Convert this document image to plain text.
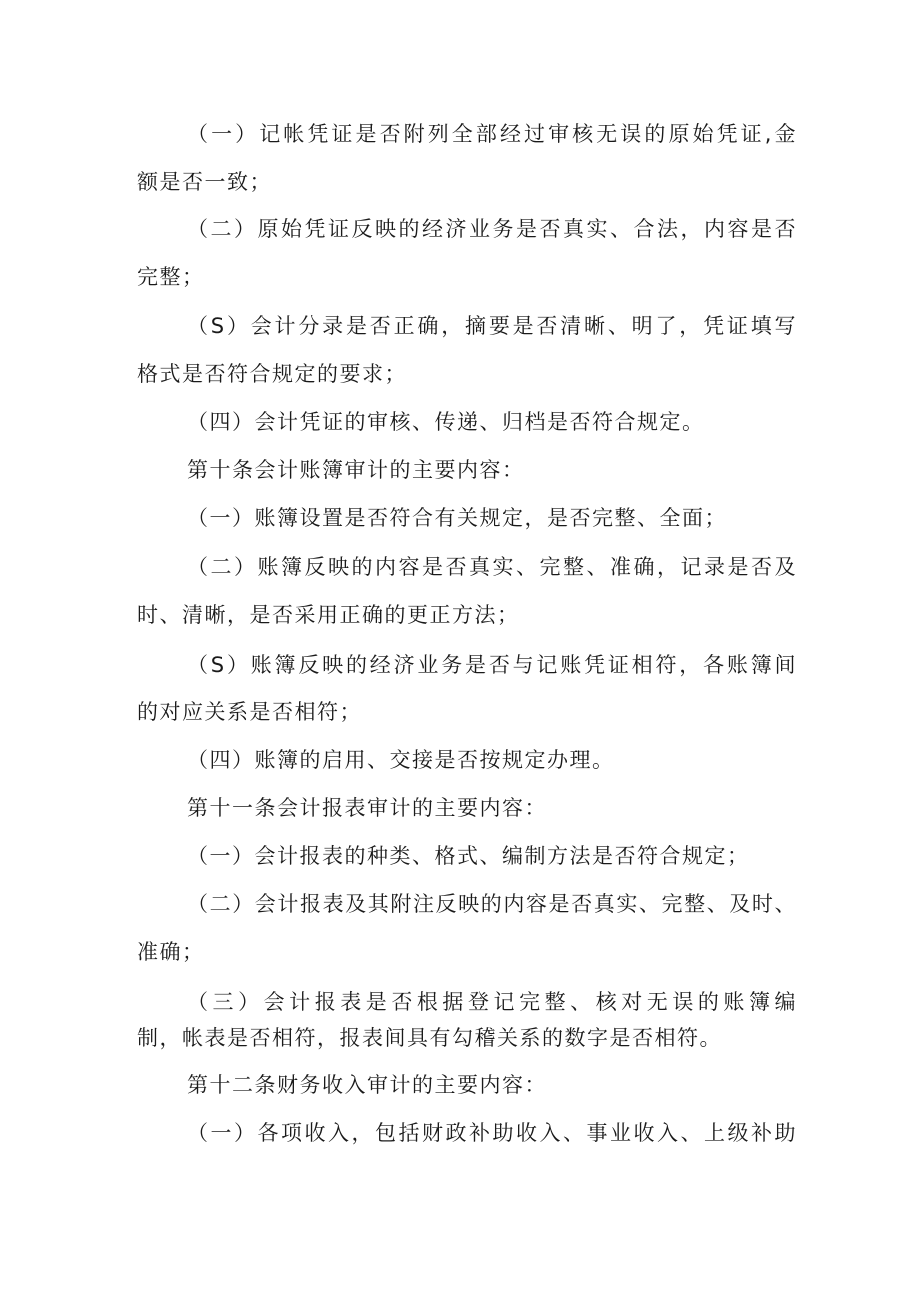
（一）记帐凭证是否附列全部经过审核无误的原始凭证,金
额是否一致；
（二）原始凭证反映的经济业务是否真实、合法，内容是否
完整；
（S）会计分录是否正确，摘要是否清晰、明了，凭证填写
格式是否符合规定的要求；
（四）会计凭证的审核、传递、归档是否符合规定。
第十条会计账簿审计的主要内容：
（一）账簿设置是否符合有关规定，是否完整、全面；
（二）账簿反映的内容是否真实、完整、准确，记录是否及
时、清晰，是否采用正确的更正方法；
（S）账簿反映的经济业务是否与记账凭证相符，各账簿间
的对应关系是否相符；
（四）账簿的启用、交接是否按规定办理。
第十一条会计报表审计的主要内容：
（一）会计报表的种类、格式、编制方法是否符合规定；
（二）会计报表及其附注反映的内容是否真实、完整、及时、
准确；
（三）会计报表是否根据登记完整、核对无误的账簿编
制，帐表是否相符，报表间具有勾稽关系的数字是否相符。
第十二条财务收入审计的主要内容：
（一）各项收入，包括财政补助收入、事业收入、上级补助
